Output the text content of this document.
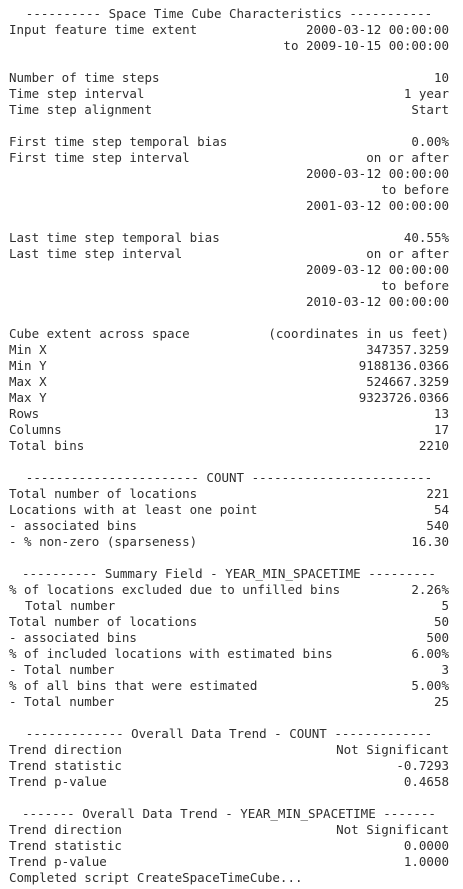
---------- Space Time Cube Characteristics -----------
Input feature time extent	2000-03-12 00:00:00
to 2009-10-15 00:00:00
Number of time steps	10
Time step interval	1 year
Time step alignment	Start
First time step temporal bias	0.00%
First time step interval	on or after
2000-03-12 00:00:00
to before
2001-03-12 00:00:00
Last time step temporal bias	40.55%
Last time step interval	on or after
2009-03-12 00:00:00
to before
2010-03-12 00:00:00
Cube extent across space	(coordinates in us feet)
Min X	347357.3259
Min Y	9188136.0366
Max X	524667.3259
Max Y	9323726.0366
Rows	13
Columns	17
Total bins	2210
----------------------- COUNT ------------------------
Total number of locations	221
Locations with at least one point	54
- associated bins	540
- % non-zero (sparseness)	16.30
---------- Summary Field - YEAR_MIN_SPACETIME ---------
% of locations excluded due to unfilled bins	2.26%
Total number	5
Total number of locations	50
- associated bins	500
% of included locations with estimated bins	6.00%
- Total number	3
% of all bins that were estimated	5.00%
- Total number	25
------------- Overall Data Trend - COUNT -------------
Trend direction	Not Significant
Trend statistic	-0.7293
Trend p-value	0.4658
------- Overall Data Trend - YEAR_MIN_SPACETIME -------
Trend direction	Not Significant
Trend statistic	0.0000
Trend p-value	1.0000
Completed script CreateSpaceTimeCube...
